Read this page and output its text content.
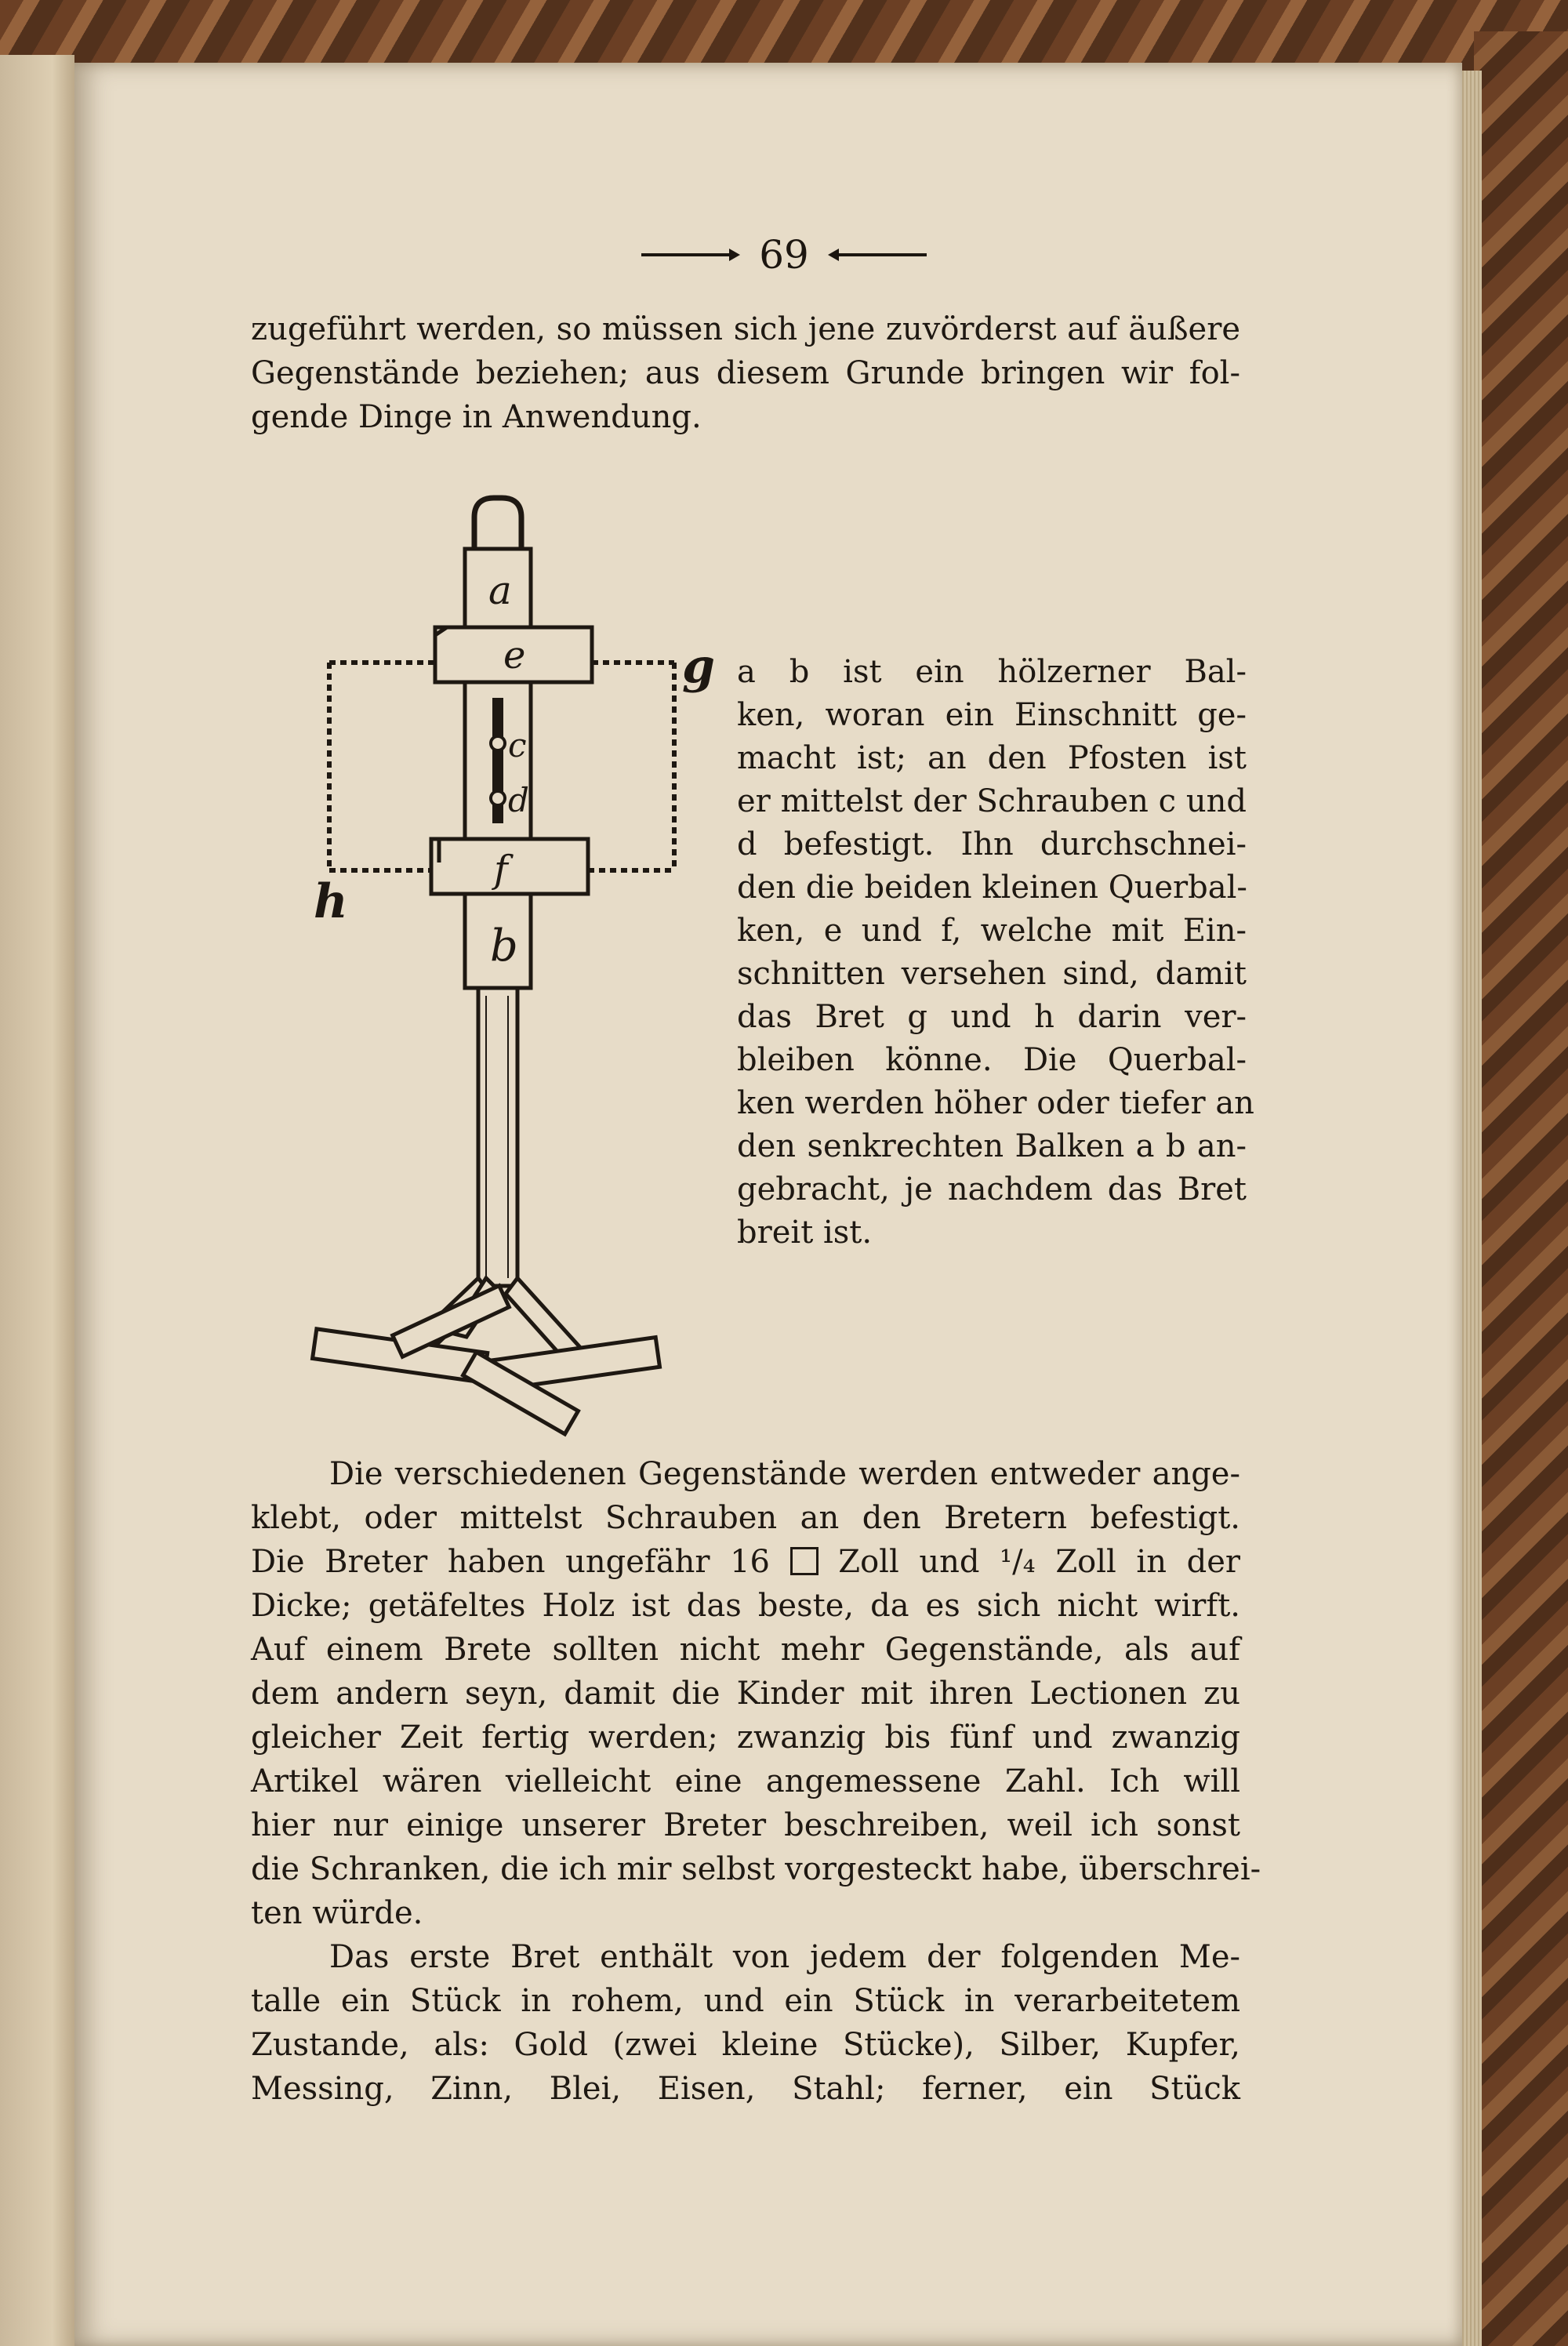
69
zugeführt werden, so müssen sich jene zuvörderst auf äußere
Gegenstände beziehen; aus diesem Grunde bringen wir fol-
gende Dinge in Anwendung.
a
e
c
d
f
b
g
h
a b ist ein hölzerner Bal-
ken, woran ein Einschnitt ge-
macht ist; an den Pfosten ist
er mittelst der Schrauben c und
d befestigt. Ihn durchschnei-
den die beiden kleinen Querbal-
ken, e und f, welche mit Ein-
schnitten versehen sind, damit
das Bret g und h darin ver-
bleiben könne. Die Querbal-
ken werden höher oder tiefer an
den senkrechten Balken a b an-
gebracht, je nachdem das Bret
breit ist.
Die verschiedenen Gegenstände werden entweder ange-
klebt, oder mittelst Schrauben an den Bretern befestigt.
Die Breter haben ungefähr 16 Zoll und ¹/₄ Zoll in der
Dicke; getäfeltes Holz ist das beste, da es sich nicht wirft.
Auf einem Brete sollten nicht mehr Gegenstände, als auf
dem andern seyn, damit die Kinder mit ihren Lectionen zu
gleicher Zeit fertig werden; zwanzig bis fünf und zwanzig
Artikel wären vielleicht eine angemessene Zahl. Ich will
hier nur einige unserer Breter beschreiben, weil ich sonst
die Schranken, die ich mir selbst vorgesteckt habe, überschrei-
ten würde.
Das erste Bret enthält von jedem der folgenden Me-
talle ein Stück in rohem, und ein Stück in verarbeitetem
Zustande, als: Gold (zwei kleine Stücke), Silber, Kupfer,
Messing, Zinn, Blei, Eisen, Stahl; ferner, ein Stück
